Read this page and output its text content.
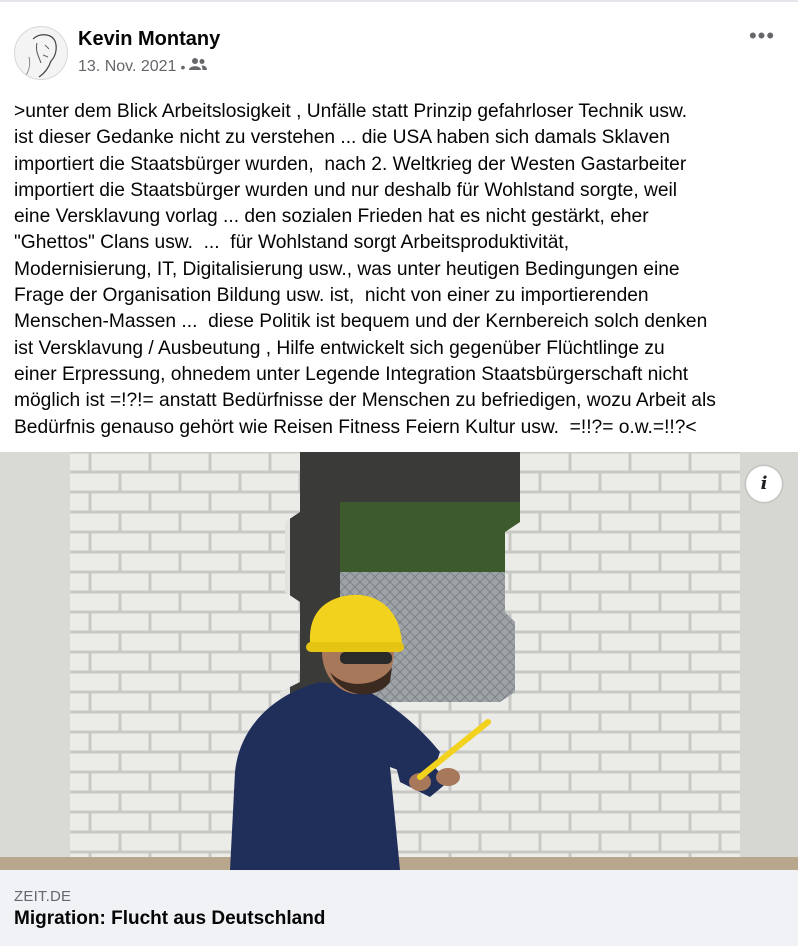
Kevin Montany
13. Nov. 2021 •
•••
>unter dem Blick Arbeitslosigkeit , Unfälle statt Prinzip gefahrloser Technik usw.
ist dieser Gedanke nicht zu verstehen ... die USA haben sich damals Sklaven
importiert die Staatsbürger wurden,  nach 2. Weltkrieg der Westen Gastarbeiter
importiert die Staatsbürger wurden und nur deshalb für Wohlstand sorgte, weil
eine Versklavung vorlag ... den sozialen Frieden hat es nicht gestärkt, eher
"Ghettos" Clans usw.  ...  für Wohlstand sorgt Arbeitsproduktivität,
Modernisierung, IT, Digitalisierung usw., was unter heutigen Bedingungen eine
Frage der Organisation Bildung usw. ist,  nicht von einer zu importierenden
Menschen-Massen ...  diese Politik ist bequem und der Kernbereich solch denken
ist Versklavung / Ausbeutung , Hilfe entwickelt sich gegenüber Flüchtlinge zu
einer Erpressung, ohnedem unter Legende Integration Staatsbürgerschaft nicht
möglich ist =!?!= anstatt Bedürfnisse der Menschen zu befriedigen, wozu Arbeit als
Bedürfnis genauso gehört wie Reisen Fitness Feiern Kultur usw.  =!!?= o.w.=!!?<
i
ZEIT.DE
Migration: Flucht aus Deutschland
